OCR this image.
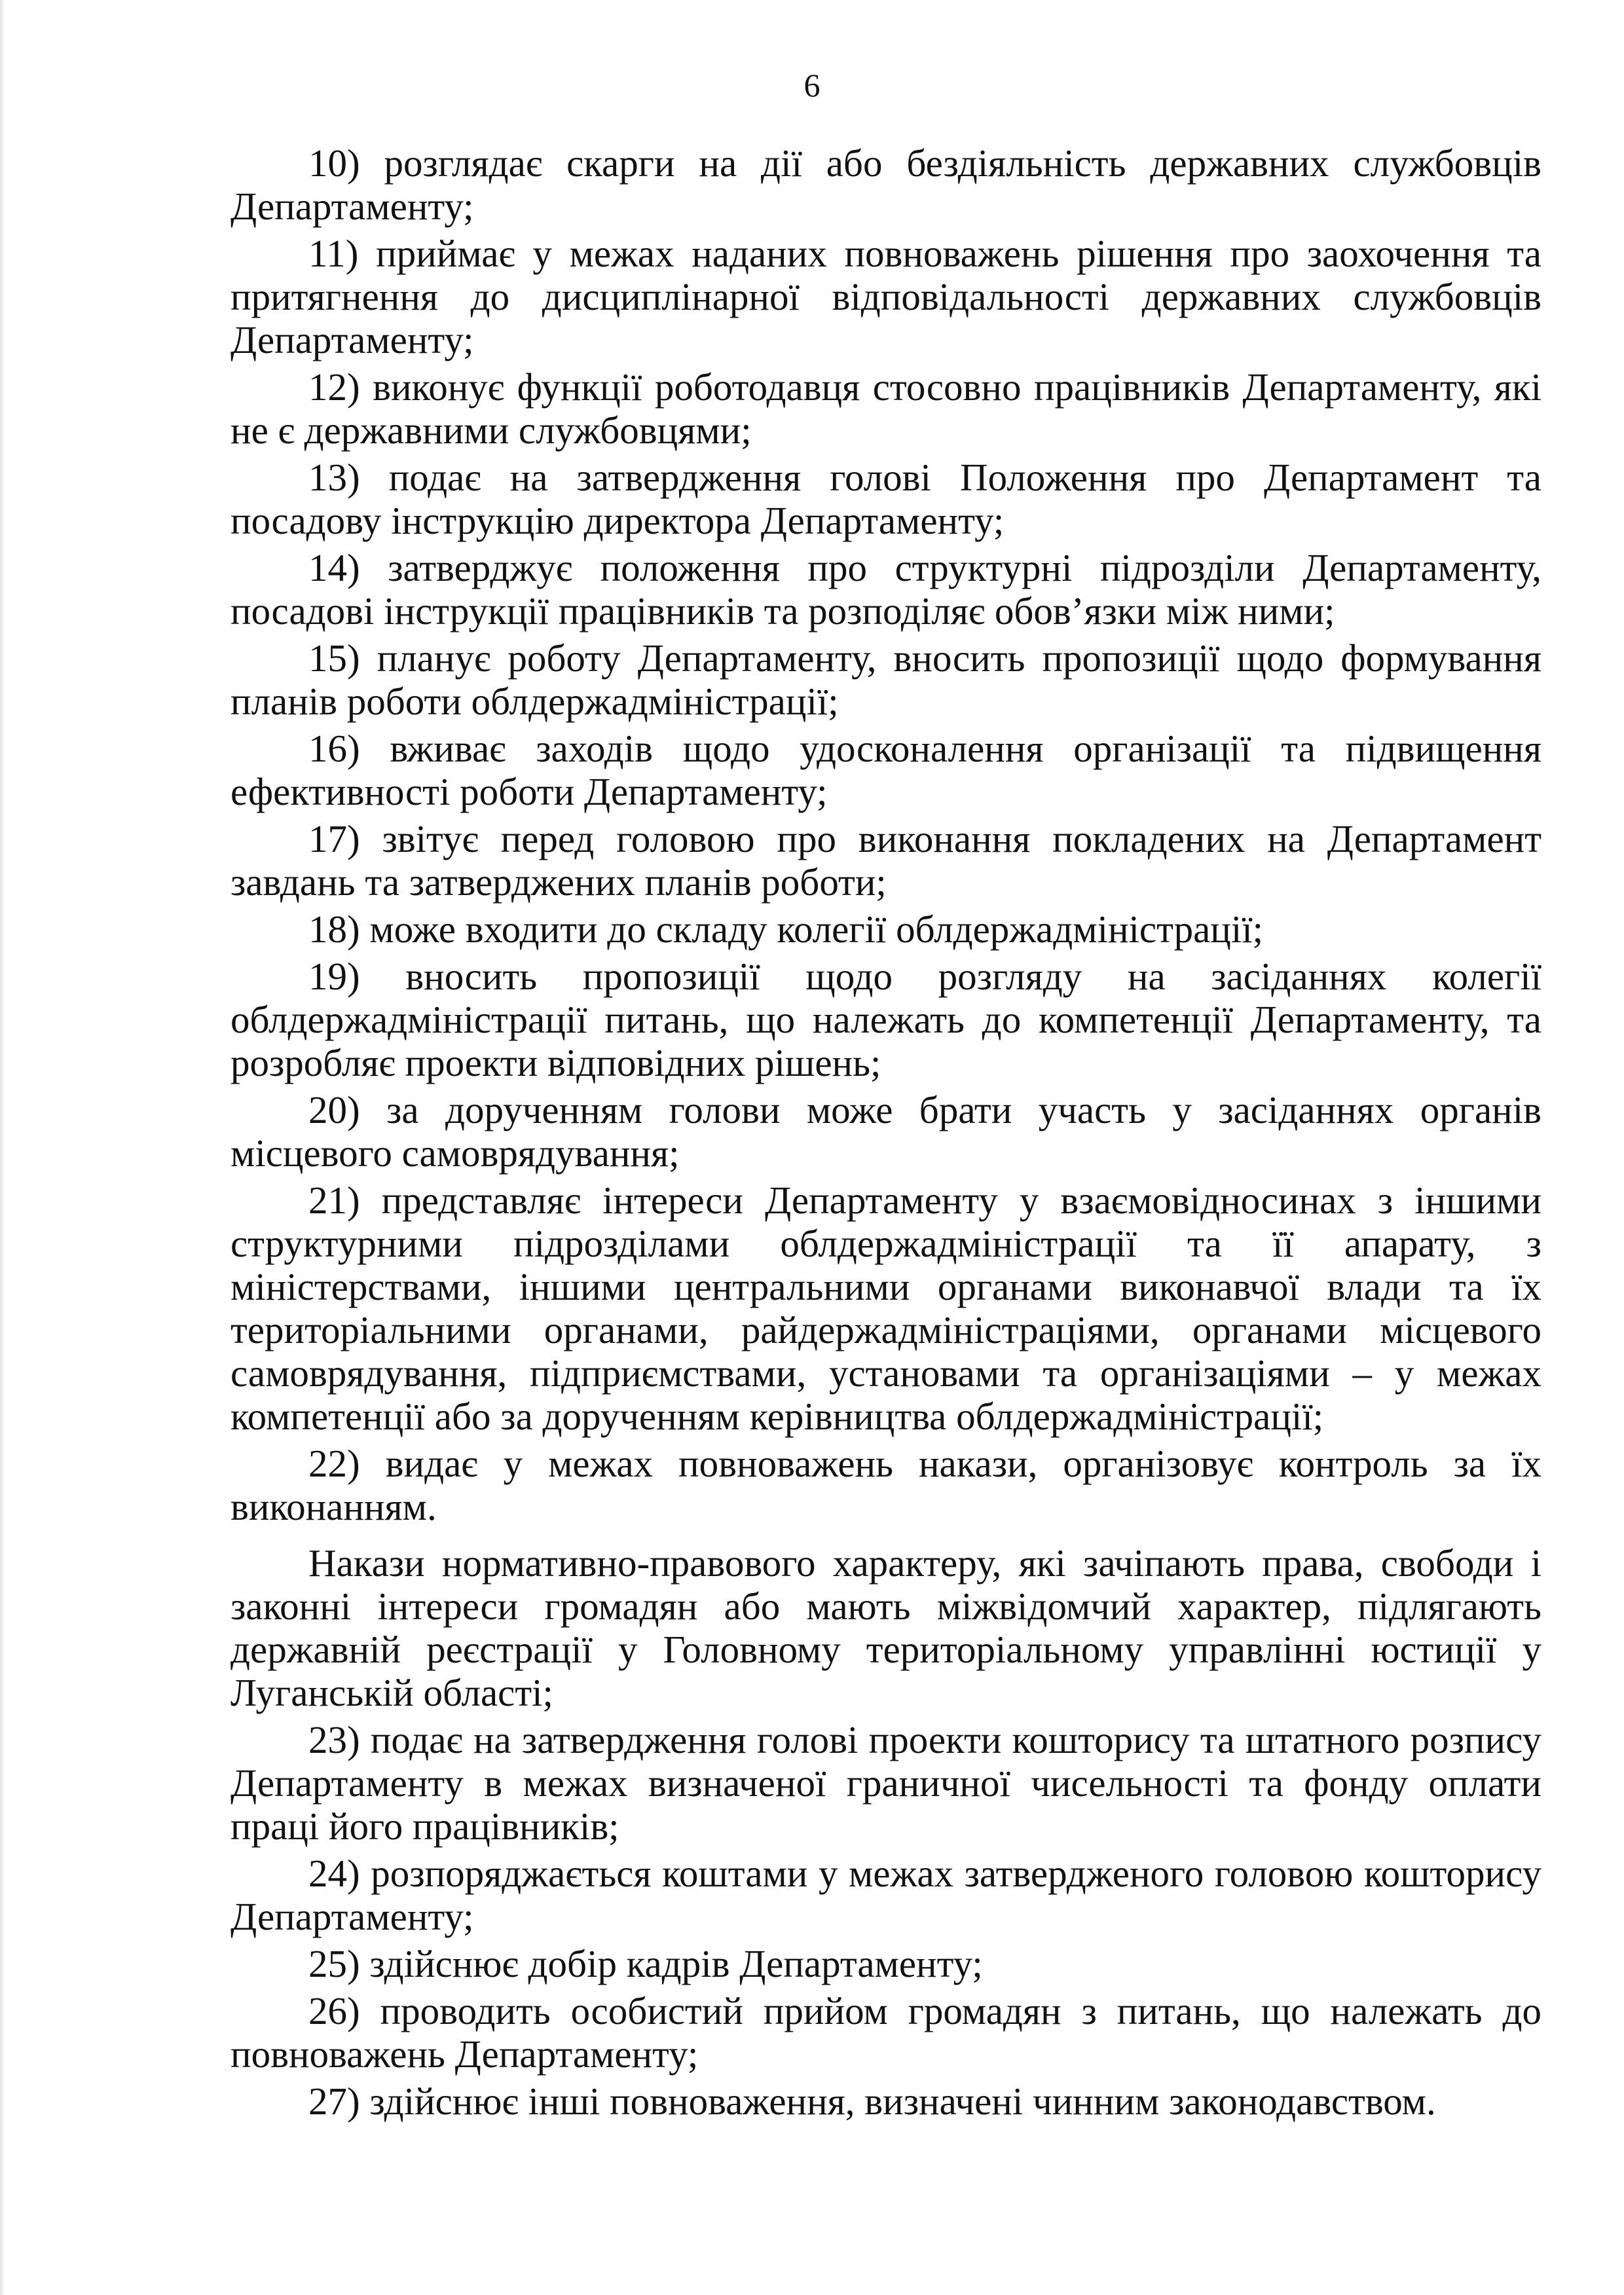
6

10) розглядає скарги на дії або бездіяльність державних службовців Департаменту;

11) приймає у межах наданих повноважень рішення про заохочення та притягнення до дисциплінарної відповідальності державних службовців Департаменту;

12) виконує функції роботодавця стосовно працівників Департаменту, які не є державними службовцями;

13) подає на затвердження голові Положення про Департамент та посадову інструкцію директора Департаменту;

14) затверджує положення про структурні підрозділи Департаменту, посадові інструкції працівників та розподіляє обов’язки між ними;

15) планує роботу Департаменту, вносить пропозиції щодо формування планів роботи облдержадміністрації;

16) вживає заходів щодо удосконалення організації та підвищення ефективності роботи Департаменту;

17) звітує перед головою про виконання покладених на Департамент завдань та затверджених планів роботи;

18) може входити до складу колегії облдержадміністрації;

19) вносить пропозиції щодо розгляду на засіданнях колегії облдержадміністрації питань, що належать до компетенції Департаменту, та розробляє проекти відповідних рішень;

20) за дорученням голови може брати участь у засіданнях органів місцевого самоврядування;

21) представляє інтереси Департаменту у взаємовідносинах з іншими структурними підрозділами облдержадміністрації та її апарату, з міністерствами, іншими центральними органами виконавчої влади та їх територіальними органами, райдержадміністраціями, органами місцевого самоврядування, підприємствами, установами та організаціями – у межах компетенції або за дорученням керівництва облдержадміністрації;

22) видає у межах повноважень накази, організовує контроль за їх виконанням.

Накази нормативно-правового характеру, які зачіпають права, свободи і законні інтереси громадян або мають міжвідомчий характер, підлягають державній реєстрації у Головному територіальному управлінні юстиції у Луганській області;

23) подає на затвердження голові проекти кошторису та штатного розпису Департаменту в межах визначеної граничної чисельності та фонду оплати праці його працівників;

24) розпоряджається коштами у межах затвердженого головою кошторису Департаменту;

25) здійснює добір кадрів Департаменту;

26) проводить особистий прийом громадян з питань, що належать до повноважень Департаменту;

27) здійснює інші повноваження, визначені чинним законодавством.
